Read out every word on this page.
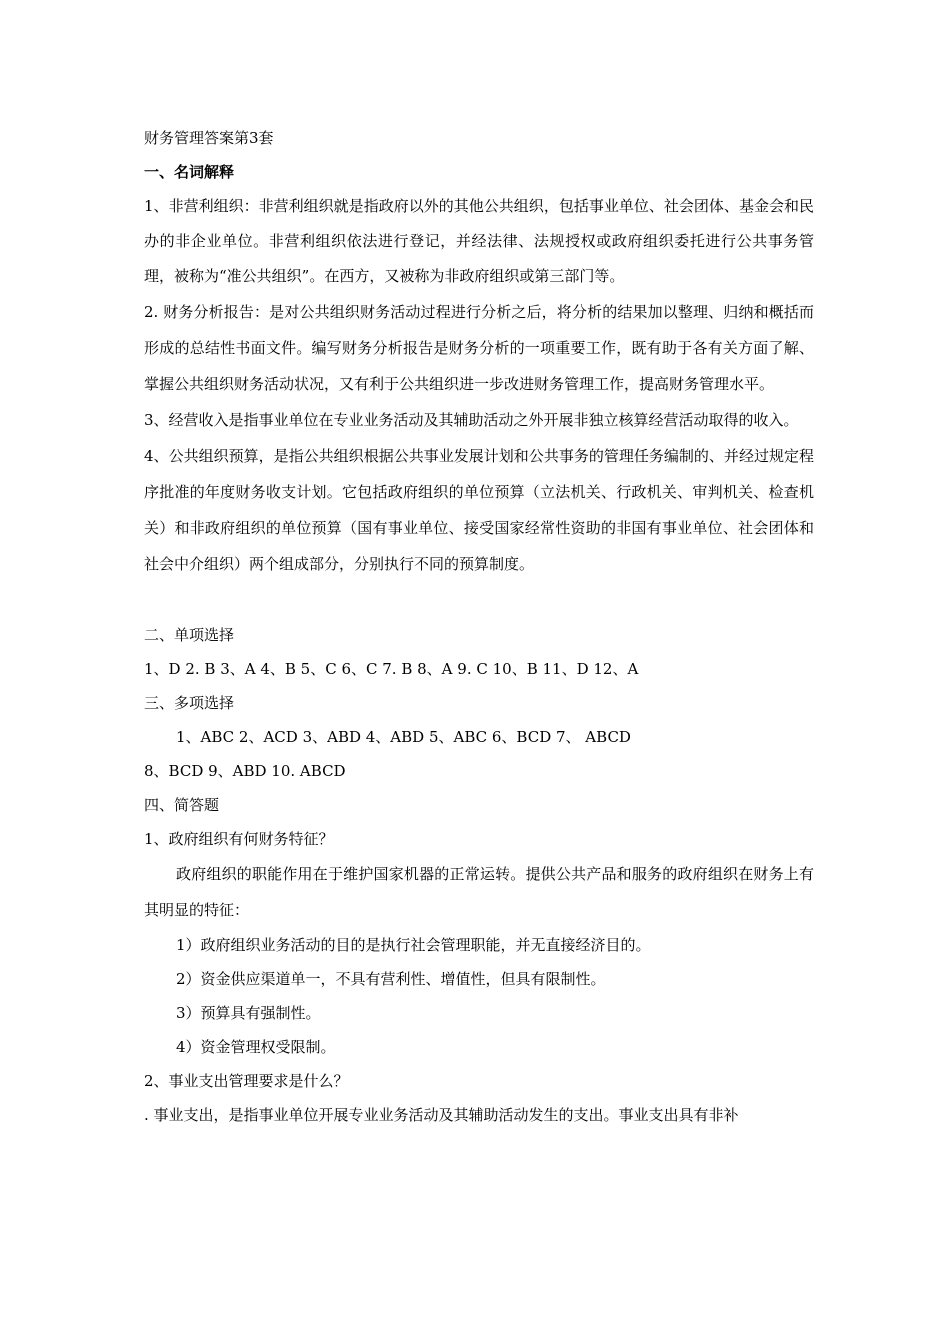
财务管理答案第3套
一、名词解释
1、非营利组织：非营利组织就是指政府以外的其他公共组织，包括事业单位、社会团体、基金会和民办的非企业单位。非营利组织依法进行登记，并经法律、法规授权或政府组织委托进行公共事务管理，被称为“准公共组织”。在西方，又被称为非政府组织或第三部门等。
2. 财务分析报告：是对公共组织财务活动过程进行分析之后，将分析的结果加以整理、归纳和概括而形成的总结性书面文件。编写财务分析报告是财务分析的一项重要工作，既有助于各有关方面了解、掌握公共组织财务活动状况，又有利于公共组织进一步改进财务管理工作，提高财务管理水平。
3、经营收入是指事业单位在专业业务活动及其辅助活动之外开展非独立核算经营活动取得的收入。
4、公共组织预算，是指公共组织根据公共事业发展计划和公共事务的管理任务编制的、并经过规定程序批准的年度财务收支计划。它包括政府组织的单位预算（立法机关、行政机关、审判机关、检查机关）和非政府组织的单位预算（国有事业单位、接受国家经常性资助的非国有事业单位、社会团体和社会中介组织）两个组成部分，分别执行不同的预算制度。
二、单项选择
1、D 2. B 3、A 4、B 5、C 6、C 7. B 8、A 9. C 10、B 11、D 12、A
三、多项选择
1、ABC 2、ACD 3、ABD 4、ABD 5、ABC 6、BCD 7、 ABCD
8、BCD 9、ABD 10. ABCD
四、简答题
1、政府组织有何财务特征？
政府组织的职能作用在于维护国家机器的正常运转。提供公共产品和服务的政府组织在财务上有其明显的特征：
1）政府组织业务活动的目的是执行社会管理职能，并无直接经济目的。
2）资金供应渠道单一，不具有营利性、增值性，但具有限制性。
3）预算具有强制性。
4）资金管理权受限制。
2、事业支出管理要求是什么？
. 事业支出，是指事业单位开展专业业务活动及其辅助活动发生的支出。事业支出具有非补
